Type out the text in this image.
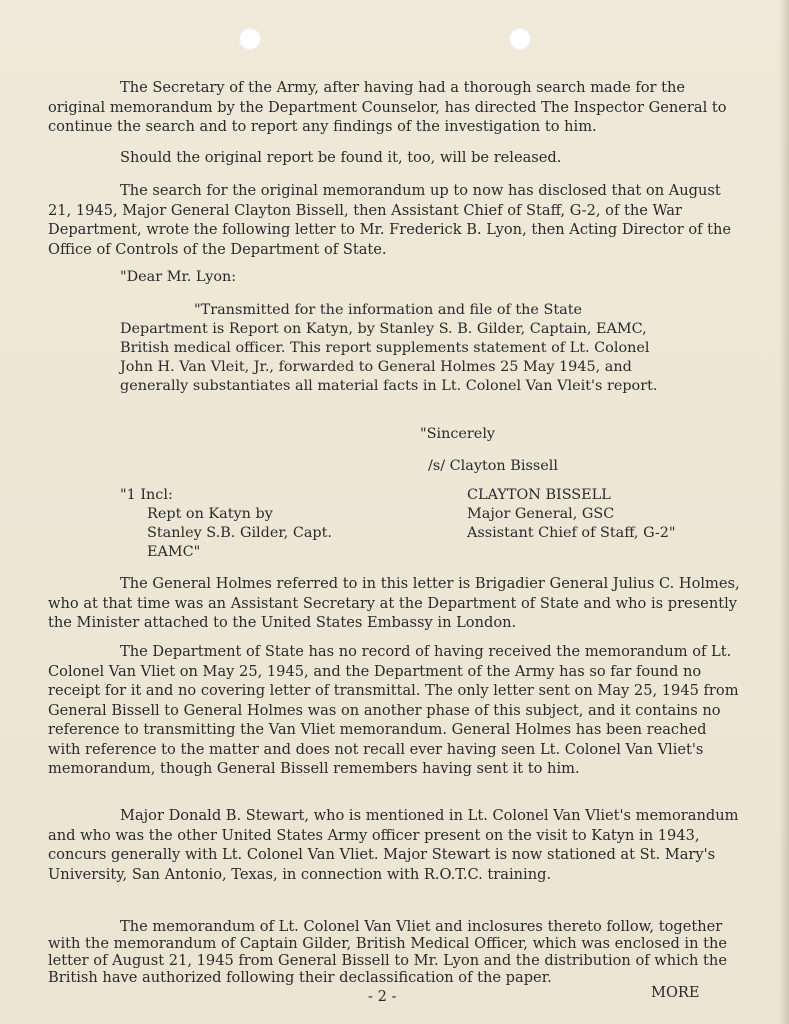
The Secretary of the Army, after having had a thorough search made for the original memorandum by the Department Counselor, has directed The Inspector General to continue the search and to report any findings of the investigation to him.

Should the original report be found it, too, will be released.

The search for the original memorandum up to now has disclosed that on August 21, 1945, Major General Clayton Bissell, then Assistant Chief of Staff, G-2, of the War Department, wrote the following letter to Mr. Frederick B. Lyon, then Acting Director of the Office of Controls of the Department of State.

"Dear Mr. Lyon:

"Transmitted for the information and file of the State Department is Report on Katyn, by Stanley S. B. Gilder, Captain, EAMC, British medical officer. This report supplements statement of Lt. Colonel John H. Van Vleit, Jr., forwarded to General Holmes 25 May 1945, and generally substantiates all material facts in Lt. Colonel Van Vleit's report.

"Sincerely
/s/ Clayton Bissell
"1 Incl:
Rept on Katyn by
Stanley S.B. Gilder, Capt.
EAMC"
CLAYTON BISSELL
Major General, GSC
Assistant Chief of Staff, G-2"

The General Holmes referred to in this letter is Brigadier General Julius C. Holmes, who at that time was an Assistant Secretary at the Department of State and who is presently the Minister attached to the United States Embassy in London.

The Department of State has no record of having received the memorandum of Lt. Colonel Van Vliet on May 25, 1945, and the Department of the Army has so far found no receipt for it and no covering letter of transmittal. The only letter sent on May 25, 1945 from General Bissell to General Holmes was on another phase of this subject, and it contains no reference to transmitting the Van Vliet memorandum. General Holmes has been reached with reference to the matter and does not recall ever having seen Lt. Colonel Van Vliet's memorandum, though General Bissell remembers having sent it to him.

Major Donald B. Stewart, who is mentioned in Lt. Colonel Van Vliet's memorandum and who was the other United States Army officer present on the visit to Katyn in 1943, concurs generally with Lt. Colonel Van Vliet. Major Stewart is now stationed at St. Mary's University, San Antonio, Texas, in connection with R.O.T.C. training.

The memorandum of Lt. Colonel Van Vliet and inclosures thereto follow, together with the memorandum of Captain Gilder, British Medical Officer, which was enclosed in the letter of August 21, 1945 from General Bissell to Mr. Lyon and the distribution of which the British have authorized following their declassification of the paper.

- 2 -	MORE
